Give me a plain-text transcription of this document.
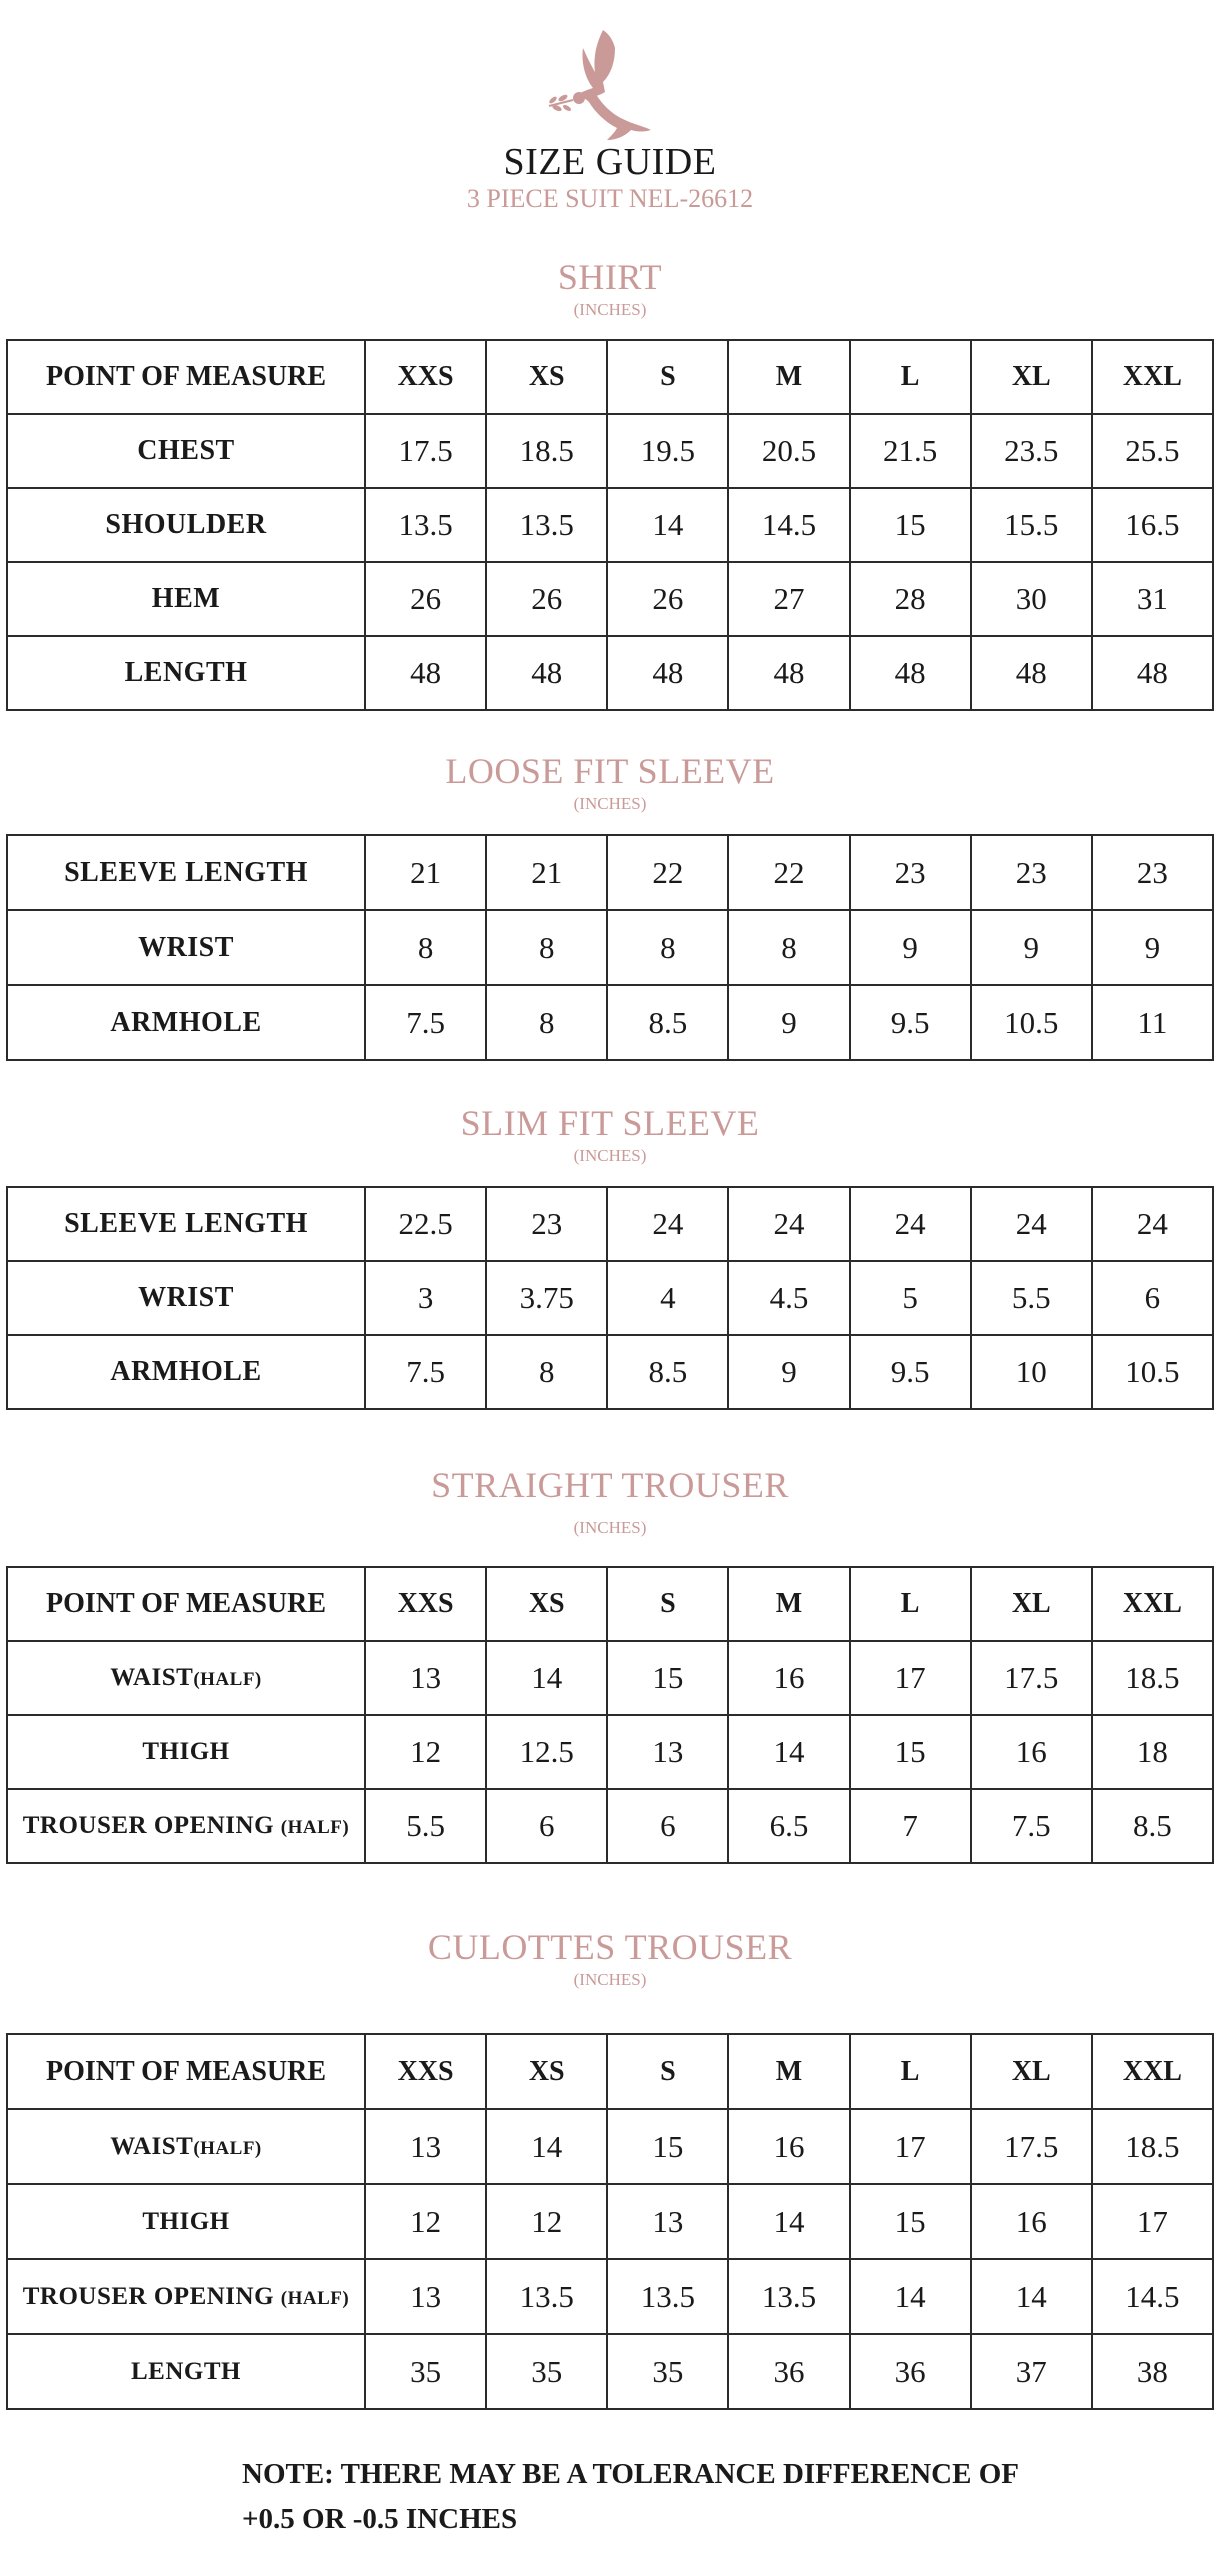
SIZE GUIDE
3 PIECE SUIT NEL-26612
SHIRT
(INCHES)
POINT OF MEASURE	XXS	XS	S	M	L	XL	XXL
CHEST	17.5	18.5	19.5	20.5	21.5	23.5	25.5
SHOULDER	13.5	13.5	14	14.5	15	15.5	16.5
HEM	26	26	26	27	28	30	31
LENGTH	48	48	48	48	48	48	48
LOOSE FIT SLEEVE
(INCHES)
SLEEVE LENGTH	21	21	22	22	23	23	23
WRIST	8	8	8	8	9	9	9
ARMHOLE	7.5	8	8.5	9	9.5	10.5	11
SLIM FIT SLEEVE
(INCHES)
SLEEVE LENGTH	22.5	23	24	24	24	24	24
WRIST	3	3.75	4	4.5	5	5.5	6
ARMHOLE	7.5	8	8.5	9	9.5	10	10.5
STRAIGHT TROUSER
(INCHES)
POINT OF MEASURE	XXS	XS	S	M	L	XL	XXL
WAIST(HALF)	13	14	15	16	17	17.5	18.5
THIGH	12	12.5	13	14	15	16	18
TROUSER OPENING (HALF)	5.5	6	6	6.5	7	7.5	8.5
CULOTTES TROUSER
(INCHES)
POINT OF MEASURE	XXS	XS	S	M	L	XL	XXL
WAIST(HALF)	13	14	15	16	17	17.5	18.5
THIGH	12	12	13	14	15	16	17
TROUSER OPENING (HALF)	13	13.5	13.5	13.5	14	14	14.5
LENGTH	35	35	35	36	36	37	38
NOTE: THERE MAY BE A TOLERANCE DIFFERENCE OF
+0.5 OR -0.5 INCHES
